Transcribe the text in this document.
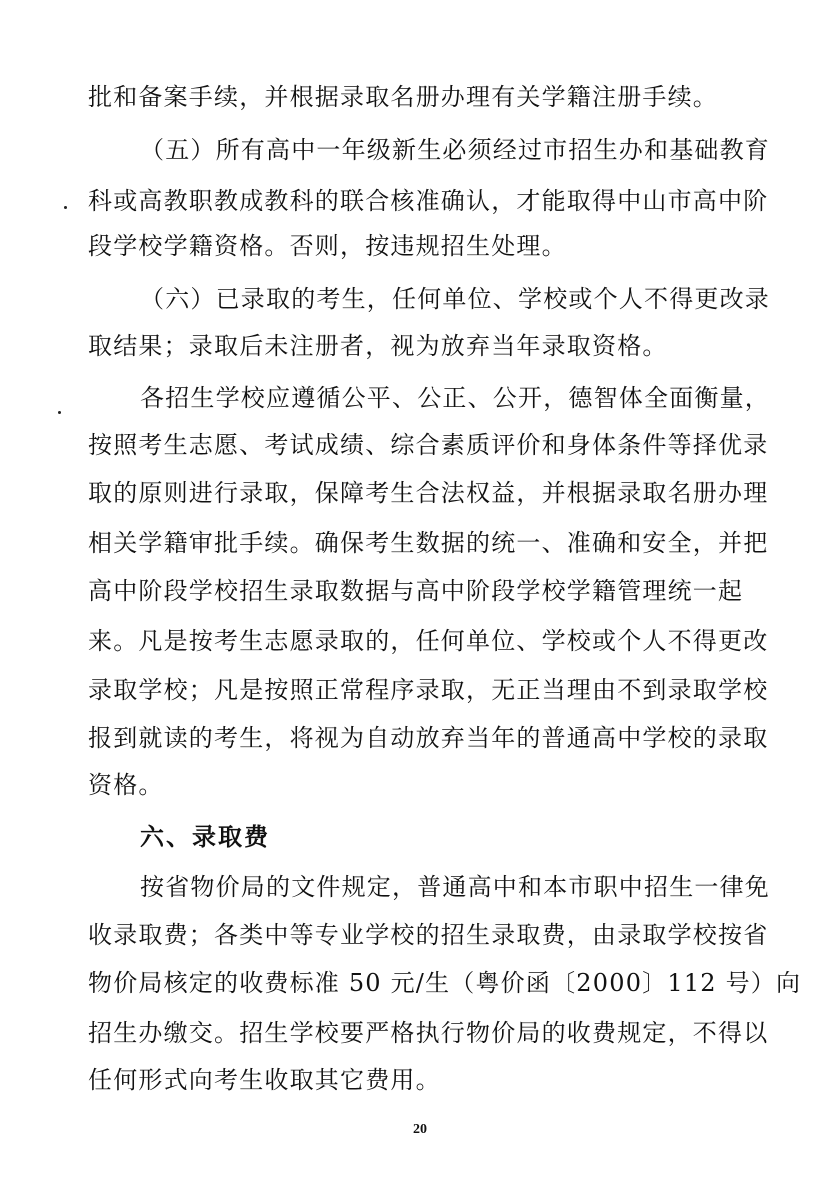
批和备案手续，并根据录取名册办理有关学籍注册手续。
（五）所有高中一年级新生必须经过市招生办和基础教育
科或高教职教成教科的联合核准确认，才能取得中山市高中阶
段学校学籍资格。否则，按违规招生处理。
（六）已录取的考生，任何单位、学校或个人不得更改录
取结果；录取后未注册者，视为放弃当年录取资格。
各招生学校应遵循公平、公正、公开，德智体全面衡量，
按照考生志愿、考试成绩、综合素质评价和身体条件等择优录
取的原则进行录取，保障考生合法权益，并根据录取名册办理
相关学籍审批手续。确保考生数据的统一、准确和安全，并把
高中阶段学校招生录取数据与高中阶段学校学籍管理统一起
来。凡是按考生志愿录取的，任何单位、学校或个人不得更改
录取学校；凡是按照正常程序录取，无正当理由不到录取学校
报到就读的考生，将视为自动放弃当年的普通高中学校的录取
资格。
六、录取费
按省物价局的文件规定，普通高中和本市职中招生一律免
收录取费；各类中等专业学校的招生录取费，由录取学校按省
物价局核定的收费标准 50 元/生（粤价函〔2000〕112 号）向
招生办缴交。招生学校要严格执行物价局的收费规定，不得以
任何形式向考生收取其它费用。
20
